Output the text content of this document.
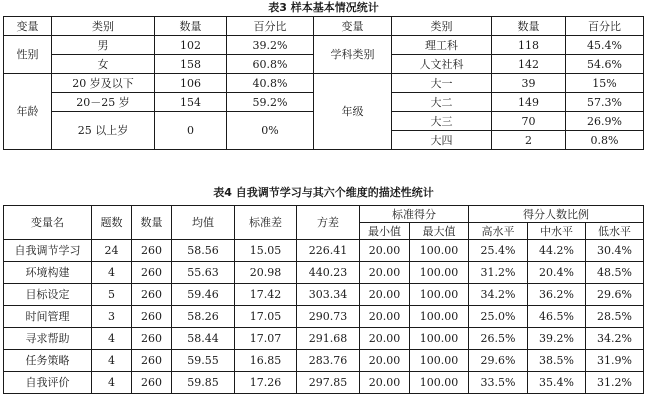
表3 样本基本情况统计
变量	类别	数量	百分比	变量	类别	数量	百分比
性别	男	102	39.2%	学科类别	理工科	118	45.4%
	女	158	60.8%		人文社科	142	54.6%
年龄	20 岁及以下	106	40.8%	年级	大一	39	15%
	20－25 岁	154	59.2%		大二	149	57.3%
	25 以上岁	0	0%		大三	70	26.9%
					大四	2	0.8%
表4 自我调节学习与其六个维度的描述性统计
变量名	题数	数量	均值	标准差	方差	标准得分		得分人数比例		
						最小值	最大值	高水平	中水平	低水平
自我调节学习	24	260	58.56	15.05	226.41	20.00	100.00	25.4%	44.2%	30.4%
环境构建	4	260	55.63	20.98	440.23	20.00	100.00	31.2%	20.4%	48.5%
目标设定	5	260	59.46	17.42	303.34	20.00	100.00	34.2%	36.2%	29.6%
时间管理	3	260	58.26	17.05	290.73	20.00	100.00	25.0%	46.5%	28.5%
寻求帮助	4	260	58.44	17.07	291.68	20.00	100.00	26.5%	39.2%	34.2%
任务策略	4	260	59.55	16.85	283.76	20.00	100.00	29.6%	38.5%	31.9%
自我评价	4	260	59.85	17.26	297.85	20.00	100.00	33.5%	35.4%	31.2%
